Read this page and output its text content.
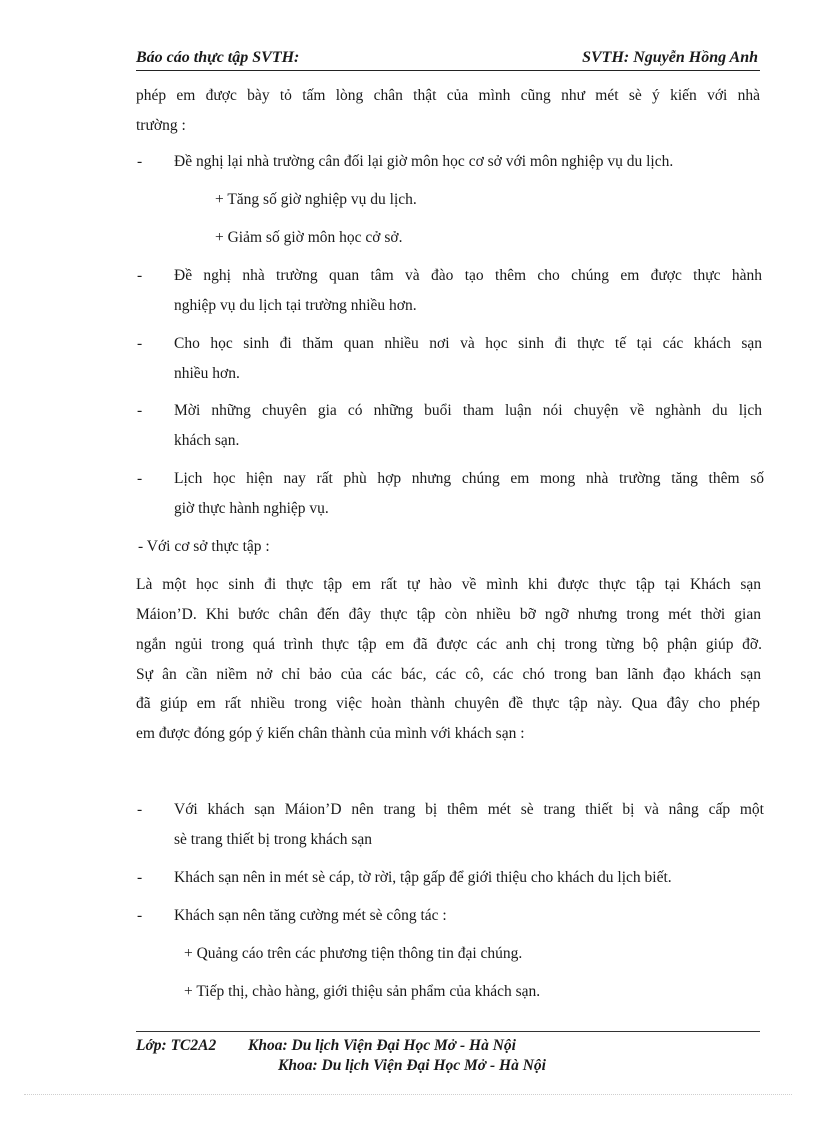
Báo cáo thực tập SVTH:	SVTH: Nguyễn Hồng Anh
phép em được bày tỏ tấm lòng chân thật của mình cũng như mét sè ý kiến với nhà
trường :
- Đề nghị lại nhà trường cân đối lại giờ môn học cơ sở với môn nghiệp vụ du lịch.
+ Tăng số giờ nghiệp vụ du lịch.
+ Giảm số giờ môn học cở sở.
- Đề nghị nhà trường quan tâm và đào tạo thêm cho chúng em được thực hành
nghiệp vụ du lịch tại trường nhiều hơn.
- Cho học sinh đi thăm quan nhiều nơi và học sinh đi thực tế tại các khách sạn
nhiều hơn.
- Mời những chuyên gia có những buổi tham luận nói chuyện về nghành du lịch
khách sạn.
- Lịch học hiện nay rất phù hợp nhưng chúng em mong nhà trường tăng thêm số
giờ thực hành nghiệp vụ.
- Với cơ sở thực tập :
Là một học sinh đi thực tập em rất tự hào về mình khi được thực tập tại Khách sạn
Máion’D. Khi bước chân đến đây thực tập còn nhiều bỡ ngỡ nhưng trong mét thời gian
ngắn ngủi trong quá trình thực tập em đã được các anh chị trong từng bộ phận giúp đỡ.
Sự ân cần niềm nở chỉ bảo của các bác, các cô, các chó trong ban lãnh đạo khách sạn
đã giúp em rất nhiều trong việc hoàn thành chuyên đề thực tập này. Qua đây cho phép
em được đóng góp ý kiến chân thành của mình với khách sạn :
- Với khách sạn Máion’D nên trang bị thêm mét sè trang thiết bị và nâng cấp một
sè trang thiết bị trong khách sạn
- Khách sạn nên in mét sè cáp, tờ rời, tập gấp để giới thiệu cho khách du lịch biết.
- Khách sạn nên tăng cường mét sè công tác :
+ Quảng cáo trên các phương tiện thông tin đại chúng.
+ Tiếp thị, chào hàng, giới thiệu sản phẩm của khách sạn.
Lớp: TC2A2 Khoa: Du lịch Viện Đại Học Mở - Hà Nội
Khoa: Du lịch Viện Đại Học Mở - Hà Nội
